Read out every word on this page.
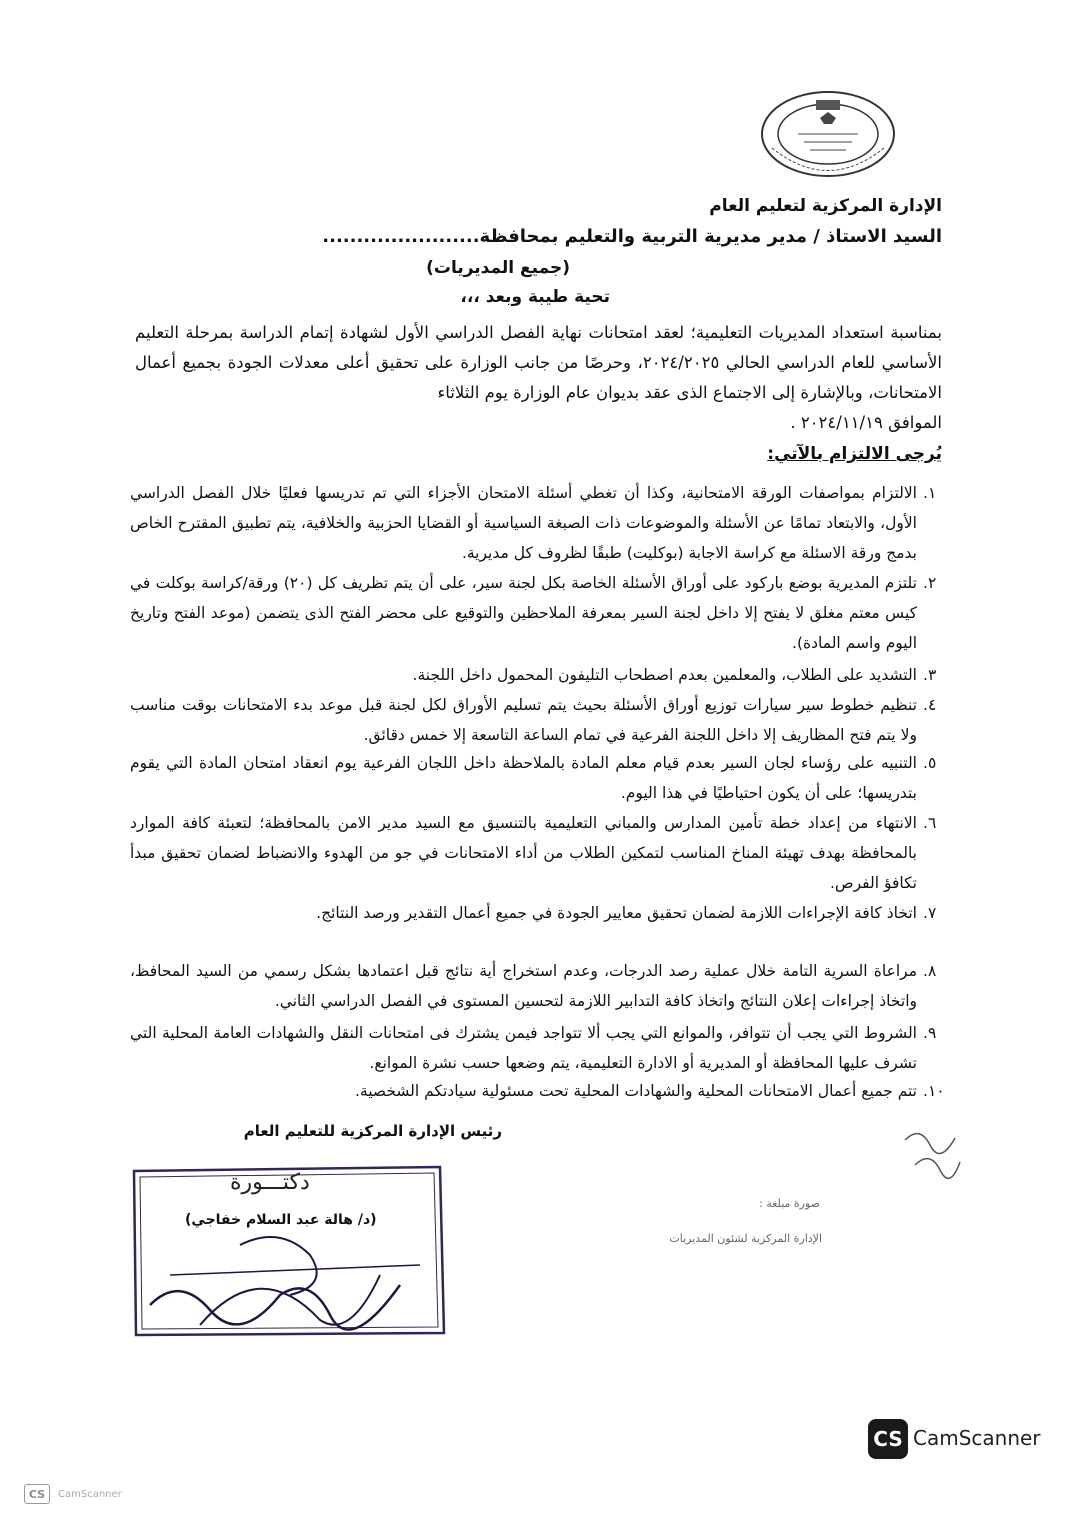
الإدارة المركزية لتعليم العام
السيد الاستاذ / مدير مديرية التربية والتعليم بمحافظة.......................
(جميع المديريات)
تحية طيبة وبعد ،،،
بمناسبة استعداد المديريات التعليمية؛ لعقد امتحانات نهاية الفصل الدراسي الأول لشهادة إتمام الدراسة بمرحلة التعليم الأساسي للعام الدراسي الحالي ٢٠٢٤/٢٠٢٥، وحرصًا من جانب الوزارة على تحقيق أعلى معدلات الجودة بجميع أعمال الامتحانات، وبالإشارة إلى الاجتماع الذى عقد بديوان عام الوزارة يوم الثلاثاء
الموافق ٢٠٢٤/١١/١٩ .
يُرجى الالتزام بالآتي:
١.
الالتزام بمواصفات الورقة الامتحانية، وكذا أن تغطي أسئلة الامتحان الأجزاء التي تم تدريسها فعليًا خلال الفصل الدراسي الأول، والابتعاد تمامًا عن الأسئلة والموضوعات ذات الصبغة السياسية أو القضايا الحزبية والخلافية، يتم تطبيق المقترح الخاص بدمج ورقة الاسئلة مع كراسة الاجابة (بوكليت) طبقًا لظروف كل مديرية.
٢.
تلتزم المديرية بوضع باركود على أوراق الأسئلة الخاصة بكل لجنة سير، على أن يتم تظريف كل (٢٠) ورقة/كراسة بوكلت في كيس معتم مغلق لا يفتح إلا داخل لجنة السير بمعرفة الملاحظين والتوقيع على محضر الفتح الذى يتضمن (موعد الفتح وتاريخ اليوم واسم المادة).
٣.
التشديد على الطلاب، والمعلمين بعدم اصطحاب التليفون المحمول داخل اللجنة.
٤.
تنظيم خطوط سير سيارات توزيع أوراق الأسئلة بحيث يتم تسليم الأوراق لكل لجنة قبل موعد بدء الامتحانات بوقت مناسب ولا يتم فتح المظاريف إلا داخل اللجنة الفرعية في تمام الساعة التاسعة إلا خمس دقائق.
٥.
التنبيه على رؤساء لجان السير بعدم قيام معلم المادة بالملاحظة داخل اللجان الفرعية يوم انعقاد امتحان المادة التي يقوم بتدريسها؛ على أن يكون احتياطيًا في هذا اليوم.
٦.
الانتهاء من إعداد خطة تأمين المدارس والمباني التعليمية بالتنسيق مع السيد مدير الامن بالمحافظة؛ لتعبئة كافة الموارد بالمحافظة بهدف تهيئة المناخ المناسب لتمكين الطلاب من أداء الامتحانات في جو من الهدوء والانضباط لضمان تحقيق مبدأ تكافؤ الفرص.
٧.
اتخاذ كافة الإجراءات اللازمة لضمان تحقيق معايير الجودة في جميع أعمال التقدير ورصد النتائج.
٨.
مراعاة السرية التامة خلال عملية رصد الدرجات، وعدم استخراج أية نتائج قبل اعتمادها بشكل رسمي من السيد المحافظ، واتخاذ إجراءات إعلان النتائج واتخاذ كافة التدابير اللازمة لتحسين المستوى في الفصل الدراسي الثاني.
٩.
الشروط التي يجب أن تتوافر، والموانع التي يجب ألا تتواجد فيمن يشترك فى امتحانات النقل والشهادات العامة المحلية التي تشرف عليها المحافظة أو المديرية أو الادارة التعليمية، يتم وضعها حسب نشرة الموانع.
١٠.
تتم جميع أعمال الامتحانات المحلية والشهادات المحلية تحت مسئولية سيادتكم الشخصية.
رئيس الإدارة المركزية للتعليم العام
دكتـــورة
(د/ هالة عبد السلام خفاجي)
صورة مبلغة :
الإدارة المركزية لشئون المديريات
CS CamScanner
CS	CamScanner
